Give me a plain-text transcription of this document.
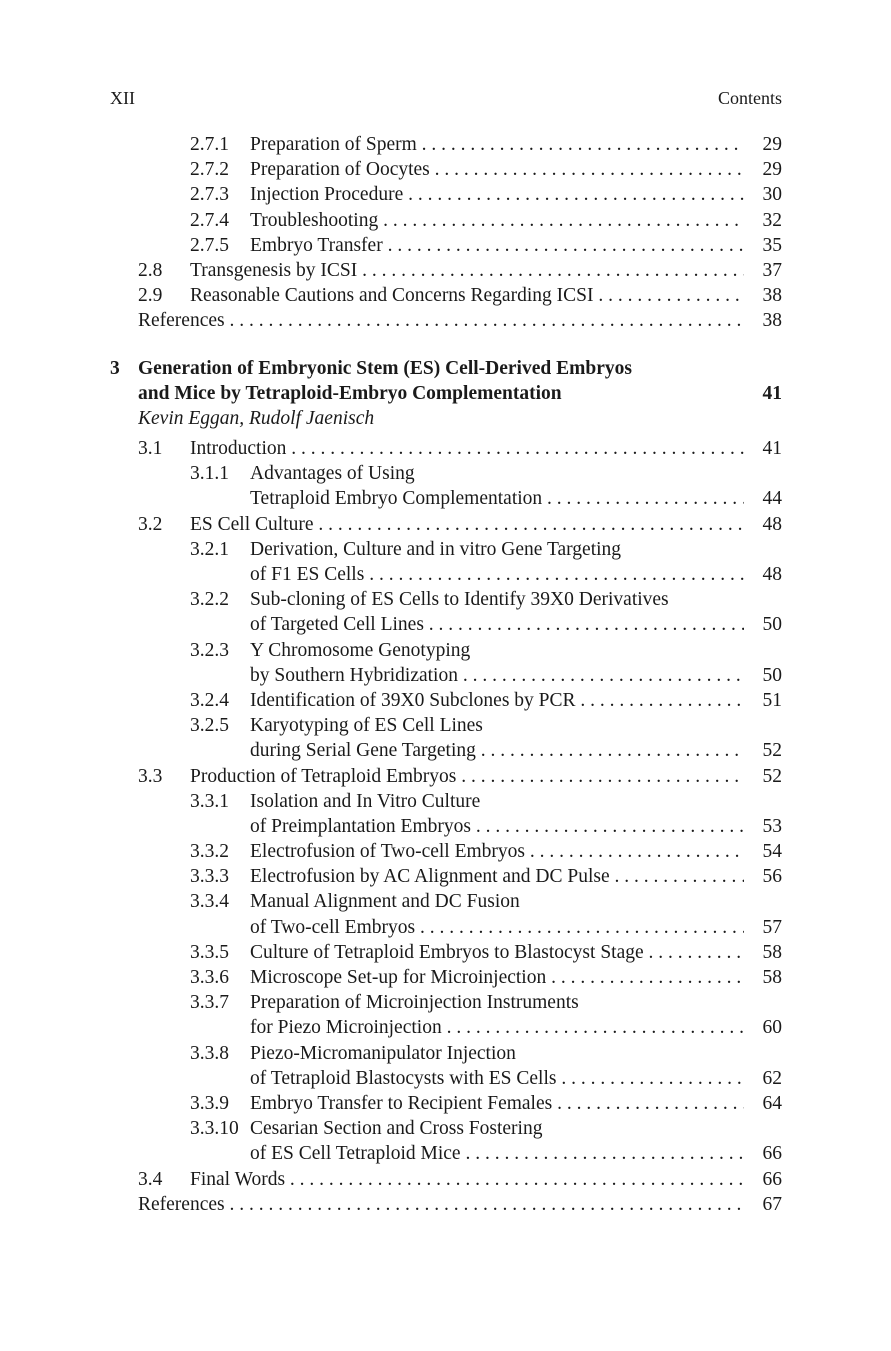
XII	Contents
2.7.1 Preparation of Sperm . . .	29
2.7.2 Preparation of Oocytes . . .	29
2.7.3 Injection Procedure . . .	30
2.7.4 Troubleshooting . . .	32
2.7.5 Embryo Transfer . . .	35
2.8 Transgenesis by ICSI . . .	37
2.9 Reasonable Cautions and Concerns Regarding ICSI . . .	38
References . . .	38
3 Generation of Embryonic Stem (ES) Cell-Derived Embryos
and Mice by Tetraploid-Embryo Complementation	41
Kevin Eggan, Rudolf Jaenisch
3.1 Introduction . . .	41
3.1.1 Advantages of Using
Tetraploid Embryo Complementation . . .	44
3.2 ES Cell Culture . . .	48
3.2.1 Derivation, Culture and in vitro Gene Targeting
of F1 ES Cells . . .	48
3.2.2 Sub-cloning of ES Cells to Identify 39X0 Derivatives
of Targeted Cell Lines . . .	50
3.2.3 Y Chromosome Genotyping
by Southern Hybridization . . .	50
3.2.4 Identification of 39X0 Subclones by PCR . . .	51
3.2.5 Karyotyping of ES Cell Lines
during Serial Gene Targeting . . .	52
3.3 Production of Tetraploid Embryos . . .	52
3.3.1 Isolation and In Vitro Culture
of Preimplantation Embryos . . .	53
3.3.2 Electrofusion of Two-cell Embryos . . .	54
3.3.3 Electrofusion by AC Alignment and DC Pulse . . .	56
3.3.4 Manual Alignment and DC Fusion
of Two-cell Embryos . . .	57
3.3.5 Culture of Tetraploid Embryos to Blastocyst Stage . . .	58
3.3.6 Microscope Set-up for Microinjection . . .	58
3.3.7 Preparation of Microinjection Instruments
for Piezo Microinjection . . .	60
3.3.8 Piezo-Micromanipulator Injection
of Tetraploid Blastocysts with ES Cells . . .	62
3.3.9 Embryo Transfer to Recipient Females . . .	64
3.3.10 Cesarian Section and Cross Fostering
of ES Cell Tetraploid Mice . . .	66
3.4 Final Words . . .	66
References . . .	67
